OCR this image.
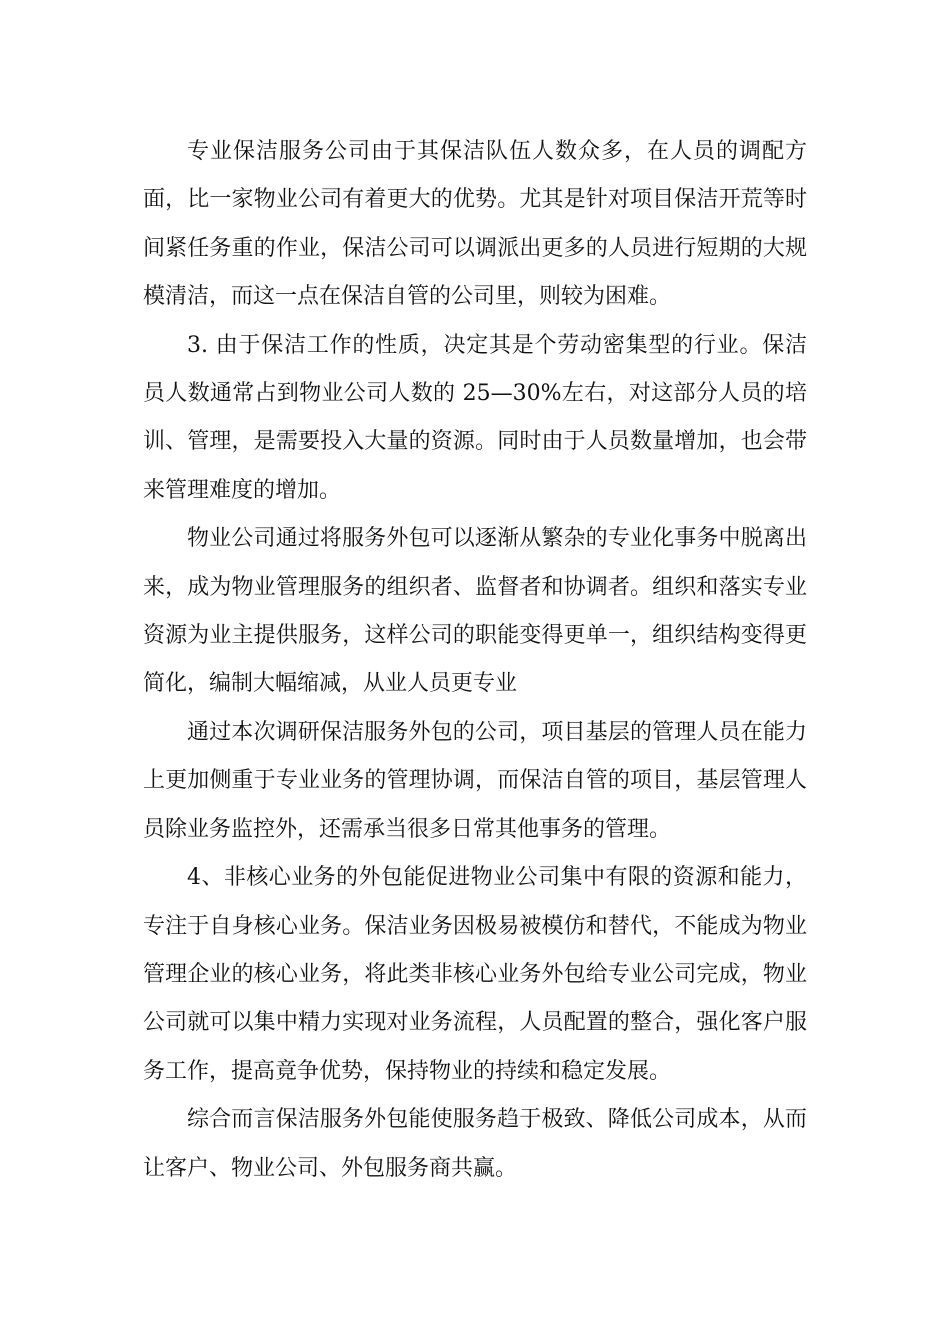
专业保洁服务公司由于其保洁队伍人数众多，在人员的调配方面，比一家物业公司有着更大的优势。尤其是针对项目保洁开荒等时间紧任务重的作业，保洁公司可以调派出更多的人员进行短期的大规模清洁，而这一点在保洁自管的公司里，则较为困难。

3. 由于保洁工作的性质，决定其是个劳动密集型的行业。保洁员人数通常占到物业公司人数的 25—30%左右，对这部分人员的培训、管理，是需要投入大量的资源。同时由于人员数量增加，也会带来管理难度的增加。

物业公司通过将服务外包可以逐渐从繁杂的专业化事务中脱离出来，成为物业管理服务的组织者、监督者和协调者。组织和落实专业资源为业主提供服务，这样公司的职能变得更单一，组织结构变得更简化，编制大幅缩减，从业人员更专业

通过本次调研保洁服务外包的公司，项目基层的管理人员在能力上更加侧重于专业业务的管理协调，而保洁自管的项目，基层管理人员除业务监控外，还需承当很多日常其他事务的管理。

4、非核心业务的外包能促进物业公司集中有限的资源和能力，专注于自身核心业务。保洁业务因极易被模仿和替代，不能成为物业管理企业的核心业务，将此类非核心业务外包给专业公司完成，物业公司就可以集中精力实现对业务流程，人员配置的整合，强化客户服务工作，提高竟争优势，保持物业的持续和稳定发展。

综合而言保洁服务外包能使服务趋于极致、降低公司成本，从而让客户、物业公司、外包服务商共赢。
